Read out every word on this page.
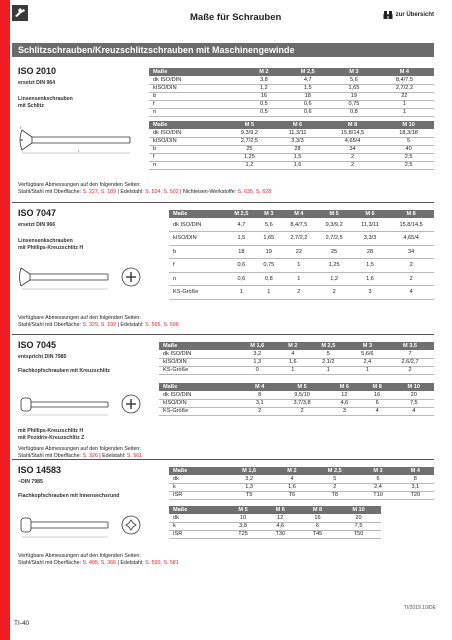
Maße für Schrauben	zur Übersicht
Schlitzschrauben/Kreuzschlitzschrauben mit Maschinengewinde
ISO 2010
ersetzt DIN 964
Linsensenkschrauben
mit Schlitz
l
f
Maße	M 2	M 2,5	M 3	M 4
dk ISO/DIN	3,8	4,7	5,6	8,4/7,5
kISO/DIN	1,2	1,5	1,65	2,7/2,2
b	16	18	19	22
f	0,5	0,6	0,75	1
n	0,5	0,6	0,8	1
Maße	M 5	M 6	M 8	M 10
dk ISO/DIN	9,3/9,2	11,3/11	15,8/14,5	18,3/18
kISO/DIN	2,7/2,5	3,3/3	4,65/4	5
b	25	28	34	40
f	1,25	1,5	2	2,5
n	1,2	1,6	2	2,5
Verfügbare Abmessungen auf den folgenden Seiten:
Stahl/Stahl mit Oberfläche: S. 227, S. 189 | Edelstahl: S. 524, S. 502 | Nichteisen-Werkstoffe: S. 635, S. 628
ISO 7047
ersetzt DIN 966
Linsensenkschrauben
mit Phillips-Kreuzschlitz H
Maße	M 2,5	M 3	M 4	M 5	M 6	M 8
dk ISO/DIN	4,7	5,6	8,4/7,5	9,3/9,2	11,3/11	15,8/14,5
kISO/DIN	1,5	1,65	2,7/2,2	2,7/2,5	3,3/3	4,65/4
b	18	19	22	25	28	34
f	0,6	0,75	1	1,25	1,5	2
n	0,6	0,8	1	1,2	1,6	2
KS-Größe	1	1	2	2	3	4
Verfügbare Abmessungen auf den folgenden Seiten:
Stahl/Stahl mit Oberfläche: S. 329, S. 192 | Edelstahl: S. 565, S. 506
ISO 7045
entspricht DIN 7985
Flachkopfschrauben mit Kreuzschlitz
mit Phillips-Kreuzschlitz H
mit Pozidriv-Kreuzschlitz Z
Maße	M 1,6	M 2	M 2,5	M 3	M 3,5
dk ISO/DIN	3,2	4	5	5,6/6	7
kISO/DIN	1,3	1,6	2,1/2	2,4	2,6/2,7
KS-Größe	0	1	1	1	2
Maße	M 4	M 5	M 6	M 8	M 10
dk ISO/DIN	8	9,5/10	12	16	20
kISO/DIN	3,1	3,7/3,8	4,6	6	7,5
KS-Größe	2	2	3	4	4
Verfügbare Abmessungen auf den folgenden Seiten:
Stahl/Stahl mit Oberfläche: S. 326 | Edelstahl: S. 561
ISO 14583
~DIN 7985
Flachkopfschrauben mit Innensechsrund
Maße	M 1,6	M 2	M 2,5	M 3	M 4
dk	3,2	4	5	6	8
k	1,3	1,6	2	2,4	3,1
ISR	T5	T6	T8	T10	T20
Maße	M 5	M 6	M 8	M 10
dk	10	12	16	20
k	3,8	4,6	6	7,5
ISR	T25	T30	T45	T50
Verfügbare Abmessungen auf den folgenden Seiten:
Stahl/Stahl mit Oberfläche: S. 405, S. 366 | Edelstahl: S. 590, S. 581
TI/2019.10/DE
TI-40
